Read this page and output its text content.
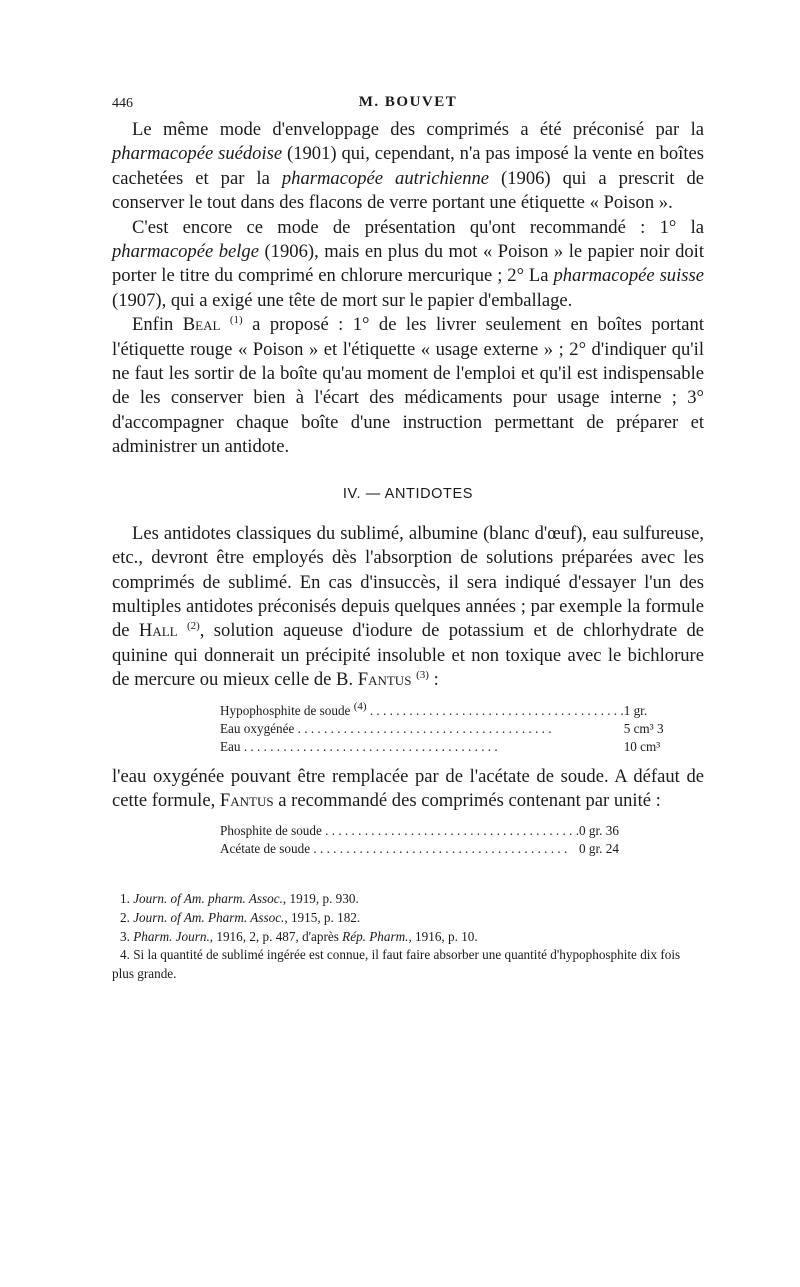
446	M. BOUVET

Le même mode d'enveloppage des comprimés a été préconisé par la pharmacopée suédoise (1901) qui, cependant, n'a pas imposé la vente en boîtes cachetées et par la pharmacopée autrichienne (1906) qui a prescrit de conserver le tout dans des flacons de verre portant une étiquette « Poison ».

C'est encore ce mode de présentation qu'ont recommandé : 1° la pharmacopée belge (1906), mais en plus du mot « Poison » le papier noir doit porter le titre du comprimé en chlorure mercurique ; 2° La pharmacopée suisse (1907), qui a exigé une tête de mort sur le papier d'emballage.

Enfin Beal $^{(1)}$ a proposé : 1° de les livrer seulement en boîtes portant l'étiquette rouge « Poison » et l'étiquette « usage externe » ; 2° d'indiquer qu'il ne faut les sortir de la boîte qu'au moment de l'emploi et qu'il est indispensable de les conserver bien à l'écart des médicaments pour usage interne ; 3° d'accompagner chaque boîte d'une instruction permettant de préparer et administrer un antidote.

IV. — ANTIDOTES

Les antidotes classiques du sublimé, albumine (blanc d'œuf), eau sulfureuse, etc., devront être employés dès l'absorption de solutions préparées avec les comprimés de sublimé. En cas d'insuccès, il sera indiqué d'essayer l'un des multiples antidotes préconisés depuis quelques années ; par exemple la formule de Hall $^{(2)}$, solution aqueuse d'iodure de potassium et de chlorhydrate de quinine qui donnerait un précipité insoluble et non toxique avec le bichlorure de mercure ou mieux celle de B. Fantus $^{(3)}$ :

Hypophosphite de soude $^{(4)}$ . . .	1 gr.
Eau oxygénée . . .	5 cm³ 3
Eau . . .	10 cm³

l'eau oxygénée pouvant être remplacée par de l'acétate de soude. A défaut de cette formule, Fantus a recommandé des comprimés contenant par unité :

Phosphite de soude . . .	0 gr. 36
Acétate de soude . . .	0 gr. 24
1. Journ. of Am. pharm. Assoc., 1919, p. 930.
2. Journ. of Am. Pharm. Assoc., 1915, p. 182.
3. Pharm. Journ., 1916, 2, p. 487, d'après Rép. Pharm., 1916, p. 10.
4. Si la quantité de sublimé ingérée est connue, il faut faire absorber une quantité d'hypophosphite dix fois plus grande.
